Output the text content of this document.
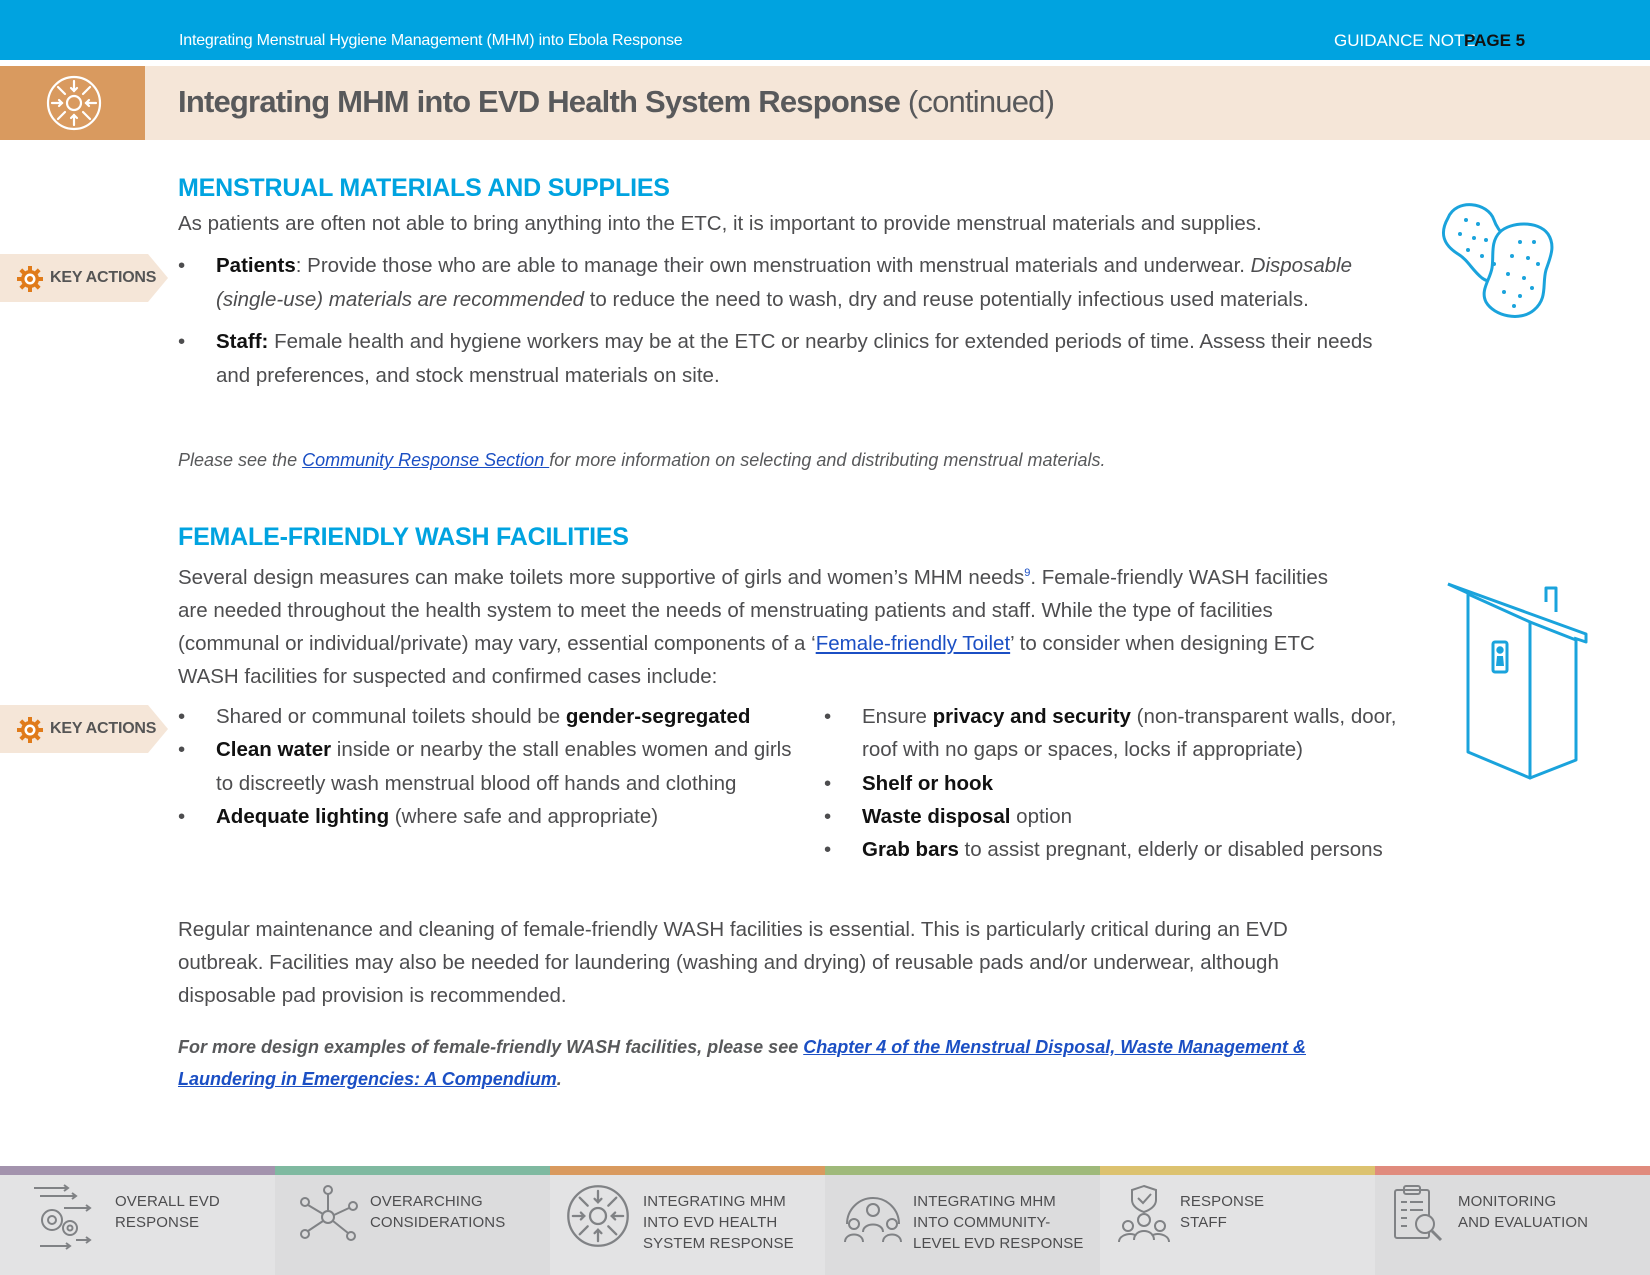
Integrating Menstrual Hygiene Management (MHM) into Ebola Response	GUIDANCE NOTE
PAGE 5
Integrating MHM into EVD Health System Response (continued)
MENSTRUAL MATERIALS AND SUPPLIES
As patients are often not able to bring anything into the ETC, it is important to provide menstrual materials and supplies.
KEY ACTIONS
• Patients: Provide those who are able to manage their own menstruation with menstrual materials and underwear. Disposable (single-use) materials are recommended to reduce the need to wash, dry and reuse potentially infectious used materials.
• Staff: Female health and hygiene workers may be at the ETC or nearby clinics for extended periods of time. Assess their needs and preferences, and stock menstrual materials on site.
Please see the Community Response Section for more information on selecting and distributing menstrual materials.
FEMALE-FRIENDLY WASH FACILITIES
Several design measures can make toilets more supportive of girls and women’s MHM needs$^9$. Female-friendly WASH facilities are needed throughout the health system to meet the needs of menstruating patients and staff. While the type of facilities (communal or individual/private) may vary, essential components of a ‘Female-friendly Toilet’ to consider when designing ETC WASH facilities for suspected and confirmed cases include:
KEY ACTIONS
• Shared or communal toilets should be gender-segregated
• Clean water inside or nearby the stall enables women and girls to discreetly wash menstrual blood off hands and clothing
• Adequate lighting (where safe and appropriate)
• Ensure privacy and security (non-transparent walls, door, roof with no gaps or spaces, locks if appropriate)
• Shelf or hook
• Waste disposal option
• Grab bars to assist pregnant, elderly or disabled persons
Regular maintenance and cleaning of female-friendly WASH facilities is essential. This is particularly critical during an EVD outbreak. Facilities may also be needed for laundering (washing and drying) of reusable pads and/or underwear, although disposable pad provision is recommended.
For more design examples of female-friendly WASH facilities, please see Chapter 4 of the Menstrual Disposal, Waste Management & Laundering in Emergencies: A Compendium.
OVERALL EVD
RESPONSE
OVERARCHING
CONSIDERATIONS
INTEGRATING MHM
INTO EVD HEALTH
SYSTEM RESPONSE
INTEGRATING MHM
INTO COMMUNITY-
LEVEL EVD RESPONSE
RESPONSE
STAFF
MONITORING
AND EVALUATION
